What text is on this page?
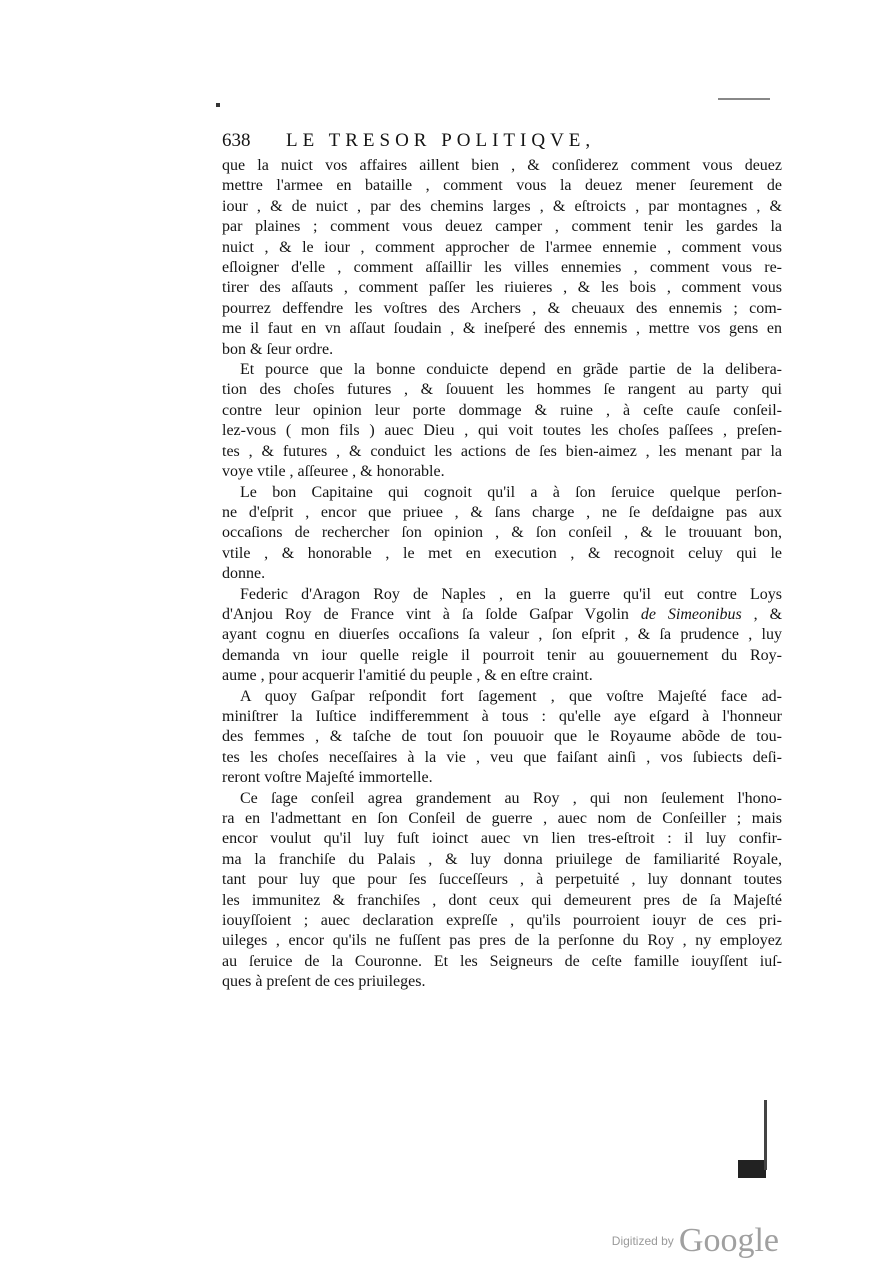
638 LE TRESOR POLITIQVE,
que la nuict vos affaires aillent bien , & conſiderez comment vous deuez
mettre l'armee en bataille , comment vous la deuez mener ſeurement de
iour , & de nuict , par des chemins larges , & eſtroicts , par montagnes , &
par plaines ; comment vous deuez camper , comment tenir les gardes la
nuict , & le iour , comment approcher de l'armee ennemie , comment vous
eſloigner d'elle , comment aſſaillir les villes ennemies , comment vous re-
tirer des aſſauts , comment paſſer les riuieres , & les bois , comment vous
pourrez deffendre les voſtres des Archers , & cheuaux des ennemis ; com-
me il faut en vn aſſaut ſoudain , & ineſperé des ennemis , mettre vos gens en
bon & ſeur ordre.
Et pource que la bonne conduicte depend en grãde partie de la delibera-
tion des choſes futures , & ſouuent les hommes ſe rangent au party qui
contre leur opinion leur porte dommage & ruine , à ceſte cauſe conſeil-
lez-vous ( mon fils ) auec Dieu , qui voit toutes les choſes paſſees , preſen-
tes , & futures , & conduict les actions de ſes bien-aimez , les menant par la
voye vtile , aſſeuree , & honorable.
Le bon Capitaine qui cognoit qu'il a à ſon ſeruice quelque perſon-
ne d'eſprit , encor que priuee , & ſans charge , ne ſe deſdaigne pas aux
occaſions de rechercher ſon opinion , & ſon conſeil , & le trouuant bon,
vtile , & honorable , le met en execution , & recognoit celuy qui le
donne.
Federic d'Aragon Roy de Naples , en la guerre qu'il eut contre Loys
d'Anjou Roy de France vint à ſa ſolde Gaſpar Vgolin de Simeonibus , &
ayant cognu en diuerſes occaſions ſa valeur , ſon eſprit , & ſa prudence , luy
demanda vn iour quelle reigle il pourroit tenir au gouuernement du Roy-
aume , pour acquerir l'amitié du peuple , & en eſtre craint.
A quoy Gaſpar reſpondit fort ſagement , que voſtre Majeſté face ad-
miniſtrer la Iuſtice indifferemment à tous : qu'elle aye eſgard à l'honneur
des femmes , & taſche de tout ſon pouuoir que le Royaume abõde de tou-
tes les choſes neceſſaires à la vie , veu que faiſant ainſi , vos ſubiects deſi-
reront voſtre Majeſté immortelle.
Ce ſage conſeil agrea grandement au Roy , qui non ſeulement l'hono-
ra en l'admettant en ſon Conſeil de guerre , auec nom de Conſeiller ; mais
encor voulut qu'il luy fuſt ioinct auec vn lien tres-eſtroit : il luy confir-
ma la franchiſe du Palais , & luy donna priuilege de familiarité Royale,
tant pour luy que pour ſes ſucceſſeurs , à perpetuité , luy donnant toutes
les immunitez & franchiſes , dont ceux qui demeurent pres de ſa Majeſté
iouyſſoient ; auec declaration expreſſe , qu'ils pourroient iouyr de ces pri-
uileges , encor qu'ils ne fuſſent pas pres de la perſonne du Roy , ny employez
au ſeruice de la Couronne. Et les Seigneurs de ceſte famille iouyſſent iuſ-
ques à preſent de ces priuileges.
$^{Digitized by}$ Google
